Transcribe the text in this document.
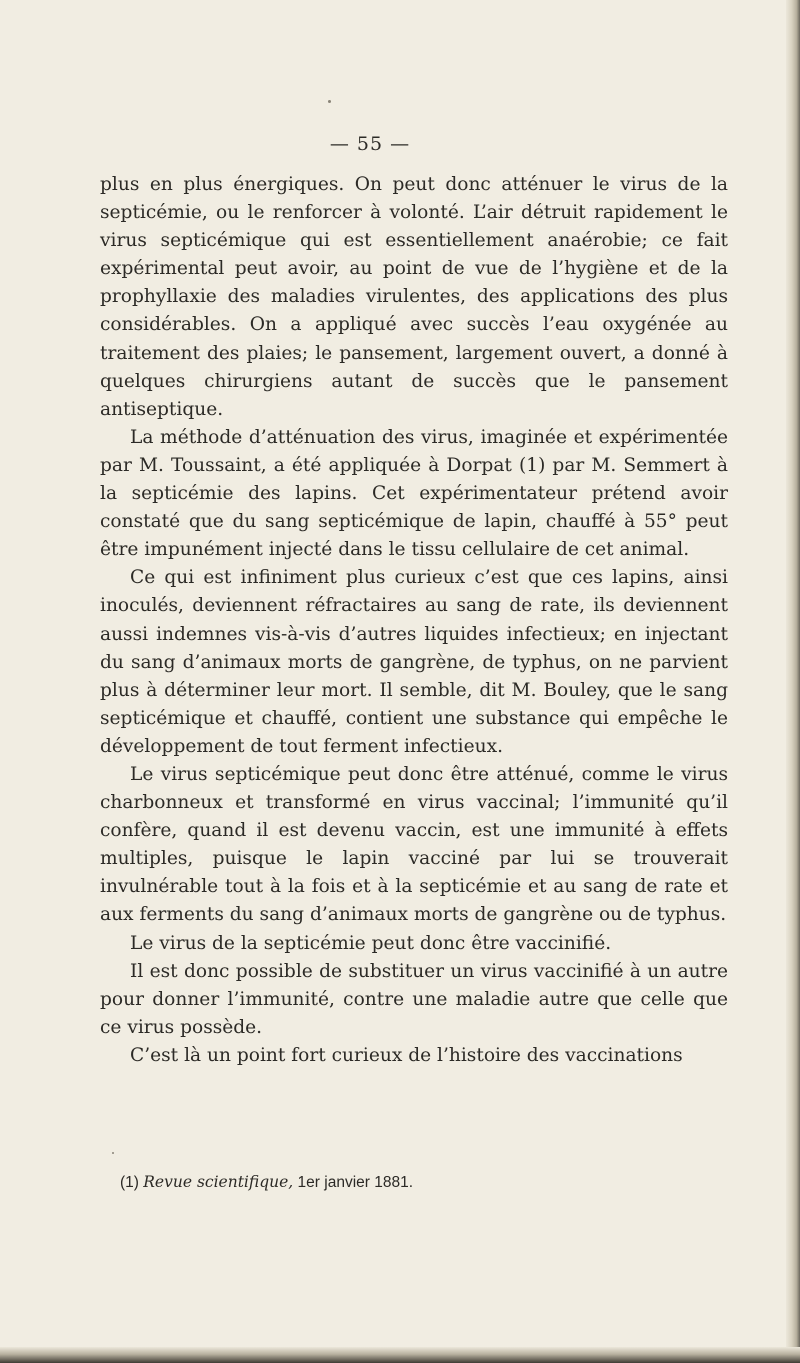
— 55 —

plus en plus énergiques. On peut donc atténuer le virus de la septicémie, ou le renforcer à volonté. L’air détruit rapidement le virus septicémique qui est essentiellement anaérobie; ce fait expérimental peut avoir, au point de vue de l’hygiène et de la prophyllaxie des maladies virulentes, des applications des plus considérables. On a appliqué avec succès l’eau oxygénée au traitement des plaies; le pansement, largement ouvert, a donné à quelques chirurgiens autant de succès que le pansement antiseptique.

La méthode d’atténuation des virus, imaginée et expérimentée par M. Toussaint, a été appliquée à Dorpat (1) par M. Semmert à la septicémie des lapins. Cet expérimentateur prétend avoir constaté que du sang septicémique de lapin, chauffé à 55° peut être impunément injecté dans le tissu cellulaire de cet animal.

Ce qui est infiniment plus curieux c’est que ces lapins, ainsi inoculés, deviennent réfractaires au sang de rate, ils deviennent aussi indemnes vis-à-vis d’autres liquides infectieux; en injectant du sang d’animaux morts de gangrène, de typhus, on ne parvient plus à déterminer leur mort. Il semble, dit M. Bouley, que le sang septicémique et chauffé, contient une substance qui empêche le développement de tout ferment infectieux.

Le virus septicémique peut donc être atténué, comme le virus charbonneux et transformé en virus vaccinal; l’immunité qu’il confère, quand il est devenu vaccin, est une immunité à effets multiples, puisque le lapin vacciné par lui se trouverait invulnérable tout à la fois et à la septicémie et au sang de rate et aux ferments du sang d’animaux morts de gangrène ou de typhus.

Le virus de la septicémie peut donc être vaccinifié.

Il est donc possible de substituer un virus vaccinifié à un autre pour donner l’immunité, contre une maladie autre que celle que ce virus possède.

C’est là un point fort curieux de l’histoire des vaccinations

(1) Revue scientifique, 1er janvier 1881.
